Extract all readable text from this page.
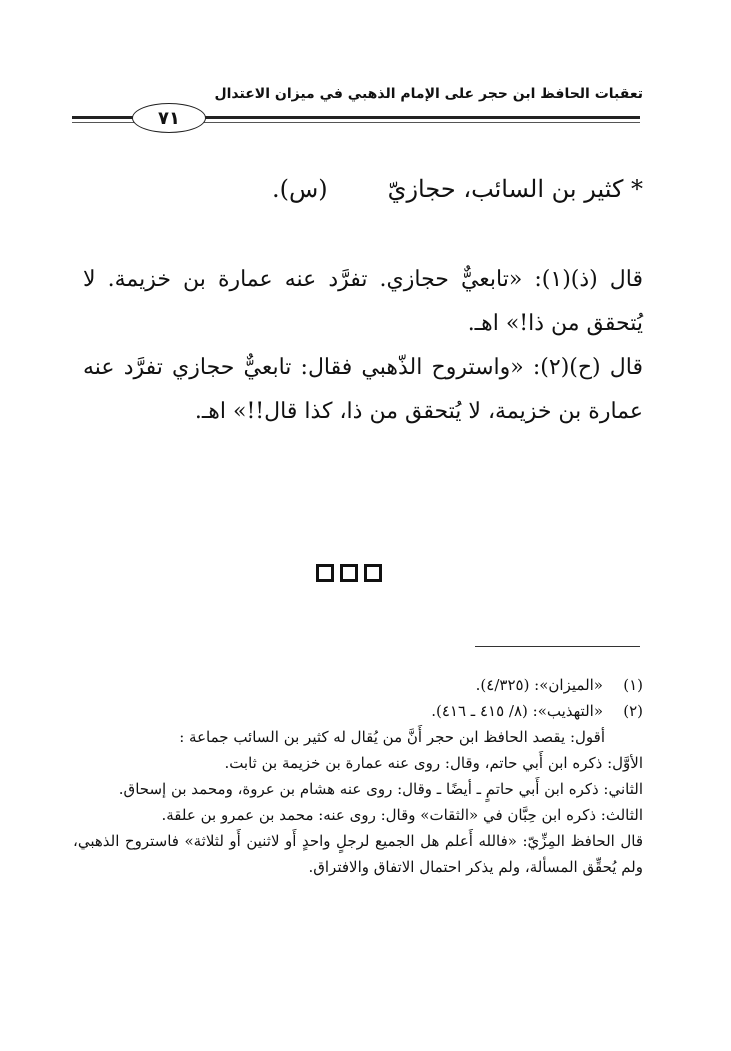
تعقبات الحافظ ابن حجر على الإمام الذهبي في ميزان الاعتدال
٧١
* كثير بن السائب، حجازيّ(س).
قال (ذ)(١): «تابعيٌّ حجازي. تفرَّد عنه عمارة بن خزيمة. لا يُتحقق من ذا!» اهـ.
قال (ح)(٢): «واستروح الذّهبي فقال: تابعيٌّ حجازي تفرَّد عنه عمارة بن خزيمة، لا يُتحقق من ذا، كذا قال!!» اهـ.
(١)«الميزان»: (٤/٣٢٥).
(٢)«التهذيب»: (٨/ ٤١٥ ـ ٤١٦).
أقول: يقصد الحافظ ابن حجر أَنَّ من يُقال له كثير بن السائب جماعة :
الأوَّل: ذكره ابن أَبي حاتم، وقال: روى عنه عمارة بن خزيمة بن ثابت.
الثاني: ذكره ابن أَبي حاتمٍ ـ أيضًا ـ وقال: روى عنه هشام بن عروة، ومحمد بن إسحاق.
الثالث: ذكره ابن حِبَّان في «الثقات» وقال: روى عنه: محمد بن عمرو بن علقة.
قال الحافظ المِزِّيّ: «فالله أَعلم هل الجميع لرجلٍ واحدٍ أَو لاثنين أَو لثلاثة» فاستروح الذهبي، ولم يُحقِّق المسألة، ولم يذكر احتمال الاتفاق والافتراق.
